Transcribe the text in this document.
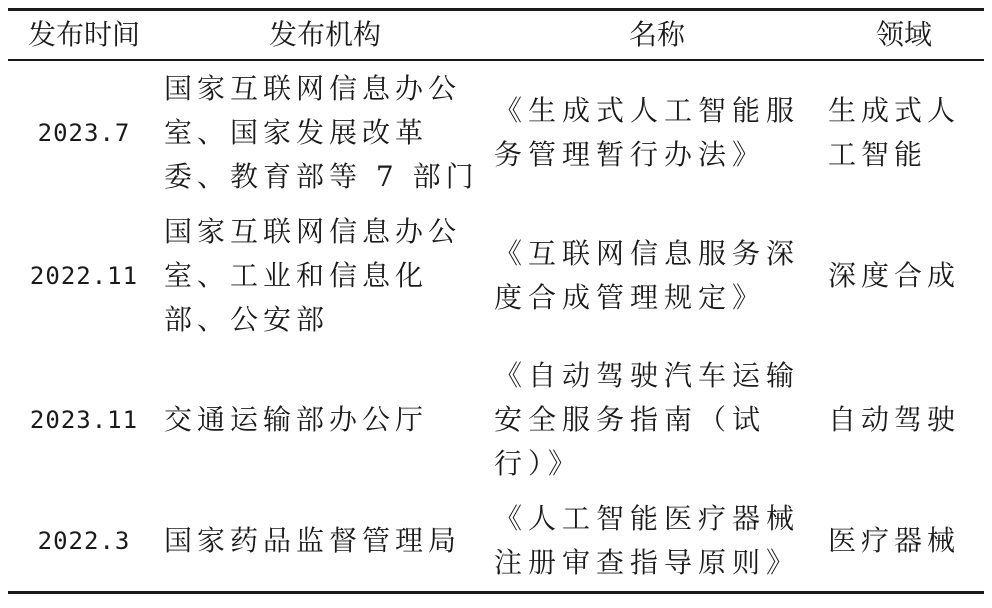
发布时间	发布机构	名称	领域
2023.7	国家互联网信息办公室、国家发展改革委、教育部等 7 部门	《生成式人工智能服务管理暂行办法》	生成式人工智能
2022.11	国家互联网信息办公室、工业和信息化部、公安部	《互联网信息服务深度合成管理规定》	深度合成
2023.11	交通运输部办公厅	《自动驾驶汽车运输安全服务指南（试行）》	自动驾驶
2022.3	国家药品监督管理局	《人工智能医疗器械注册审查指导原则》	医疗器械
